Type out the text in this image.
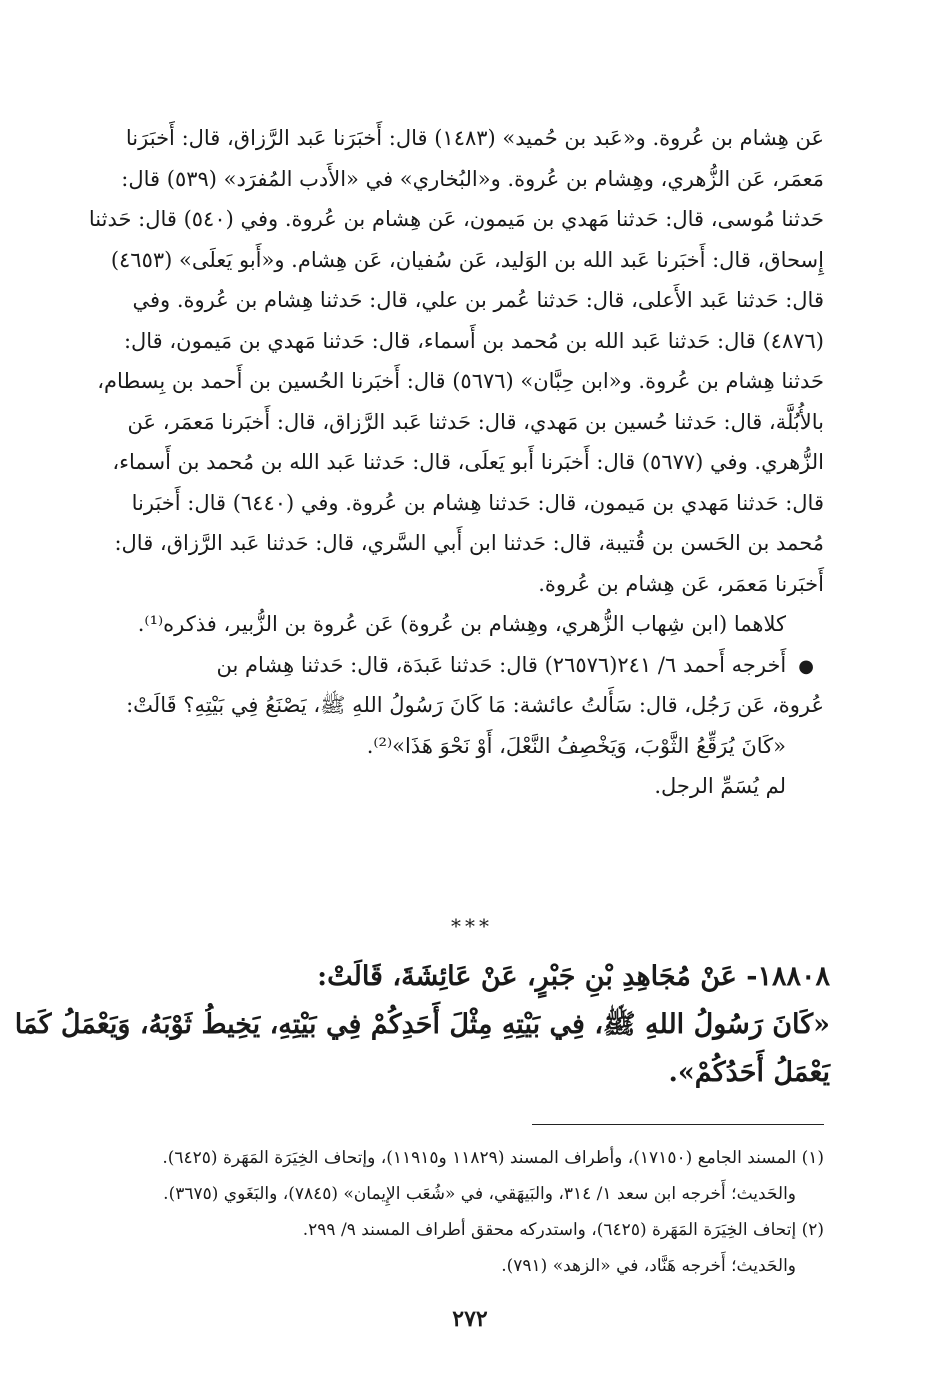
عَن هِشام بن عُروة. و«عَبد بن حُميد» (١٤٨٣) قال: أَخبَرَنا عَبد الرَّزاق، قال: أَخبَرَنا
مَعمَر، عَن الزُّهري، وهِشام بن عُروة. و«البُخاري» في «الأَدب المُفرَد» (٥٣٩) قال:
حَدثنا مُوسى، قال: حَدثنا مَهدي بن مَيمون، عَن هِشام بن عُروة. وفي (٥٤٠) قال: حَدثنا
إِسحاق، قال: أَخبَرنا عَبد الله بن الوَليد، عَن سُفيان، عَن هِشام. و«أَبو يَعلَى» (٤٦٥٣)
قال: حَدثنا عَبد الأَعلى، قال: حَدثنا عُمر بن علي، قال: حَدثنا هِشام بن عُروة. وفي
(٤٨٧٦) قال: حَدثنا عَبد الله بن مُحمد بن أَسماء، قال: حَدثنا مَهدي بن مَيمون، قال:
حَدثنا هِشام بن عُروة. و«ابن حِبَّان» (٥٦٧٦) قال: أَخبَرنا الحُسين بن أَحمد بن بِسطام،
بالأُبُلَّة، قال: حَدثنا حُسين بن مَهدي، قال: حَدثنا عَبد الرَّزاق، قال: أَخبَرنا مَعمَر، عَن
الزُّهري. وفي (٥٦٧٧) قال: أَخبَرنا أَبو يَعلَى، قال: حَدثنا عَبد الله بن مُحمد بن أَسماء،
قال: حَدثنا مَهدي بن مَيمون، قال: حَدثنا هِشام بن عُروة. وفي (٦٤٤٠) قال: أَخبَرنا
مُحمد بن الحَسن بن قُتيبة، قال: حَدثنا ابن أَبي السَّري، قال: حَدثنا عَبد الرَّزاق، قال:
أَخبَرنا مَعمَر، عَن هِشام بن عُروة.
كلاهما (ابن شِهاب الزُّهري، وهِشام بن عُروة) عَن عُروة بن الزُّبير، فذكره⁽¹⁾.
●أَخرجه أَحمد ٦/ ٢٤١(٢٦٥٧٦) قال: حَدثنا عَبدَة، قال: حَدثنا هِشام بن
عُروة، عَن رَجُل، قال: سَأَلتُ عائشة: مَا كَانَ رَسُولُ اللهِ ﷺ، يَصْنَعُ فِي بَيْتِهِ؟ قَالَتْ:
«كَانَ يُرَقِّعُ الثَّوْبَ، وَيَخْصِفُ النَّعْلَ، أَوْ نَحْوَ هَذَا»⁽²⁾.
لم يُسَمِّ الرجل.
***
١٨٨٠٨- عَنْ مُجَاهِدِ بْنِ جَبْرٍ، عَنْ عَائِشَةَ، قَالَتْ:
«كَانَ رَسُولُ اللهِ ﷺ، فِي بَيْتِهِ مِثْلَ أَحَدِكُمْ فِي بَيْتِهِ، يَخِيطُ ثَوْبَهُ، وَيَعْمَلُ كَمَا
يَعْمَلُ أَحَدُكُمْ».
(١) المسند الجامع (١٧١٥٠)، وأطراف المسند (١١٨٢٩ و١١٩١٥)، وإتحاف الخِيَرَة المَهَرة (٦٤٢٥).
والحَديث؛ أَخرجه ابن سعد ١/ ٣١٤، والبَيهَقي، في «شُعَب الإِيمان» (٧٨٤٥)، والبَغَوي (٣٦٧٥).
(٢) إتحاف الخِيَرَة المَهَرة (٦٤٢٥)، واستدركه محقق أطراف المسند ٩/ ٢٩٩.
والحَديث؛ أَخرجه هَنَّاد، في «الزهد» (٧٩١).
٢٧٢
